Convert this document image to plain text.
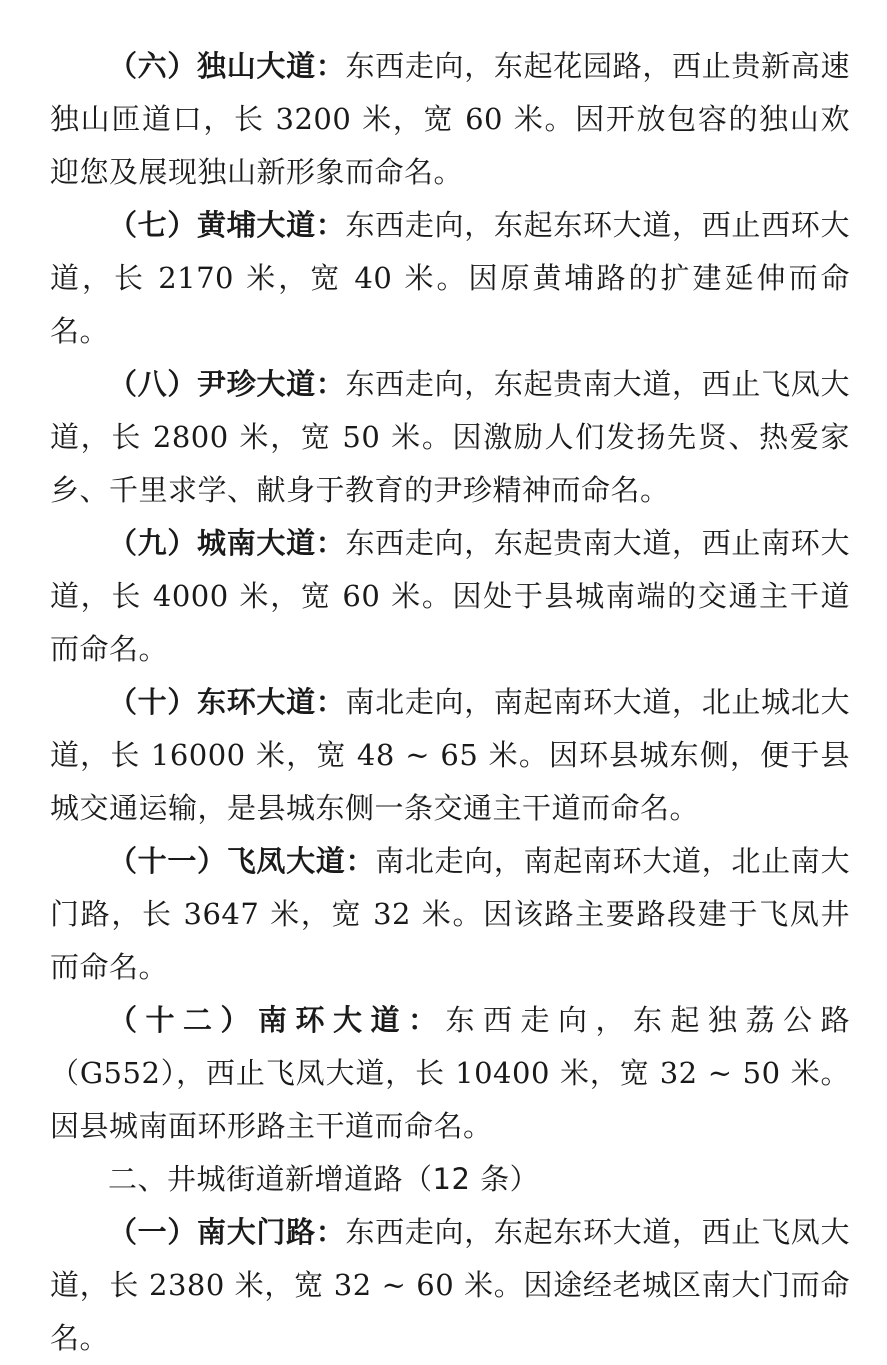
（六）独山大道：东西走向，东起花园路，西止贵新高速独山匝道口，长 3200 米，宽 60 米。因开放包容的独山欢迎您及展现独山新形象而命名。

（七）黄埔大道：东西走向，东起东环大道，西止西环大道，长 2170 米，宽 40 米。因原黄埔路的扩建延伸而命名。

（八）尹珍大道：东西走向，东起贵南大道，西止飞凤大道，长 2800 米，宽 50 米。因激励人们发扬先贤、热爱家乡、千里求学、献身于教育的尹珍精神而命名。

（九）城南大道：东西走向，东起贵南大道，西止南环大道，长 4000 米，宽 60 米。因处于县城南端的交通主干道而命名。

（十）东环大道：南北走向，南起南环大道，北止城北大道，长 16000 米，宽 48 ~ 65 米。因环县城东侧，便于县城交通运输，是县城东侧一条交通主干道而命名。

（十一）飞凤大道：南北走向，南起南环大道，北止南大门路，长 3647 米，宽 32 米。因该路主要路段建于飞凤井而命名。

（十二）南环大道：东西走向，东起独荔公路（G552），西止飞凤大道，长 10400 米，宽 32 ~ 50 米。因县城南面环形路主干道而命名。

二、井城街道新增道路（12 条）

（一）南大门路：东西走向，东起东环大道，西止飞凤大道，长 2380 米，宽 32 ~ 60 米。因途经老城区南大门而命名。
